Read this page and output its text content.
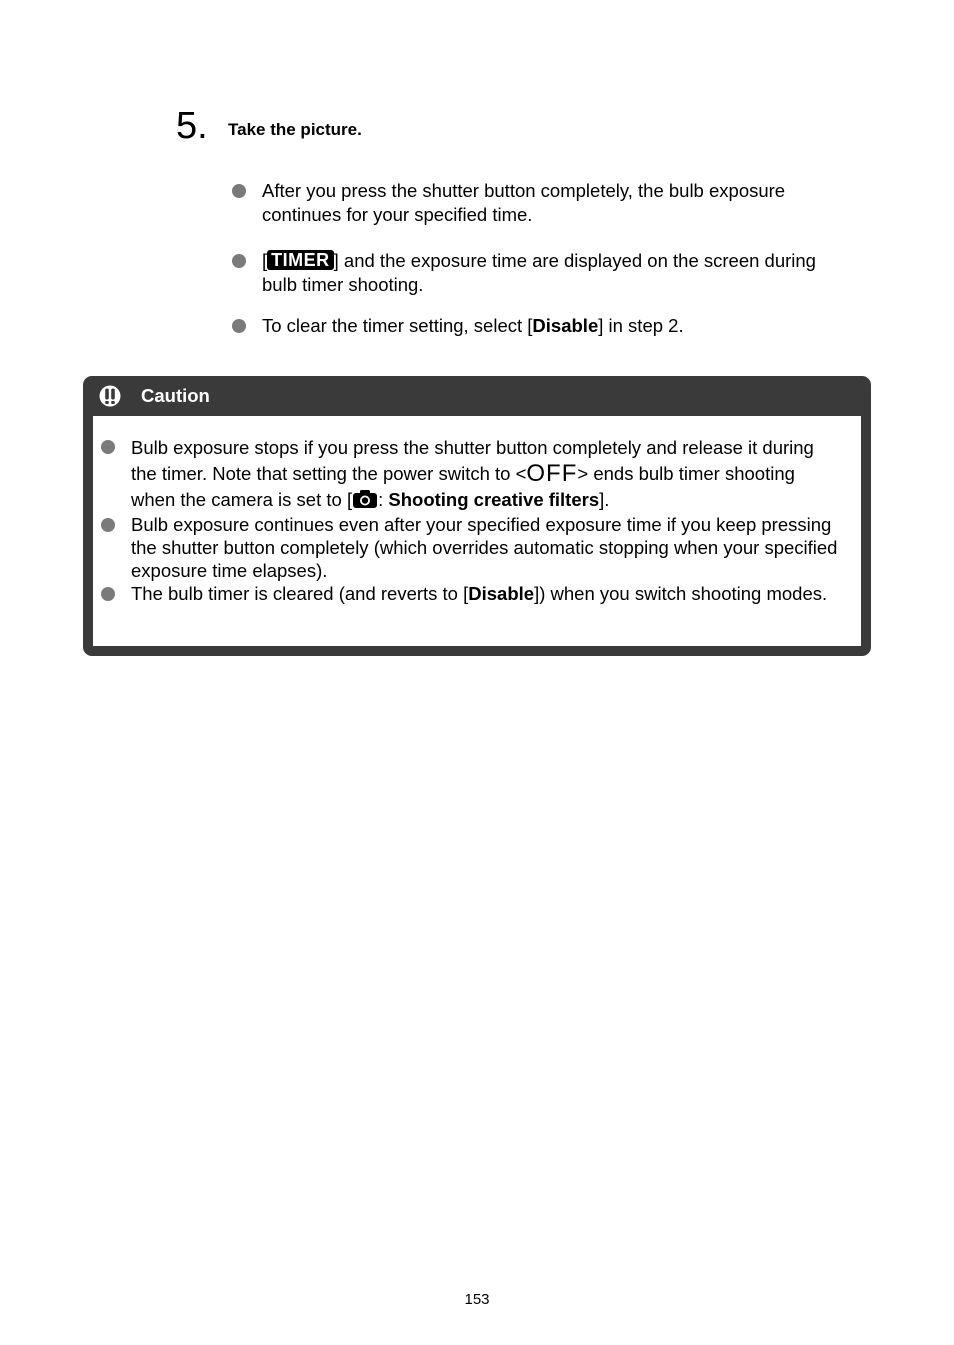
5. Take the picture.
After you press the shutter button completely, the bulb exposure continues for your specified time.
[ TIMER ] and the exposure time are displayed on the screen during bulb timer shooting.
To clear the timer setting, select [Disable] in step 2.
Caution
Bulb exposure stops if you press the shutter button completely and release it during the timer. Note that setting the power switch to <OFF> ends bulb timer shooting when the camera is set to [ : Shooting creative filters].
Bulb exposure continues even after your specified exposure time if you keep pressing the shutter button completely (which overrides automatic stopping when your specified exposure time elapses).
The bulb timer is cleared (and reverts to [Disable]) when you switch shooting modes.
153
